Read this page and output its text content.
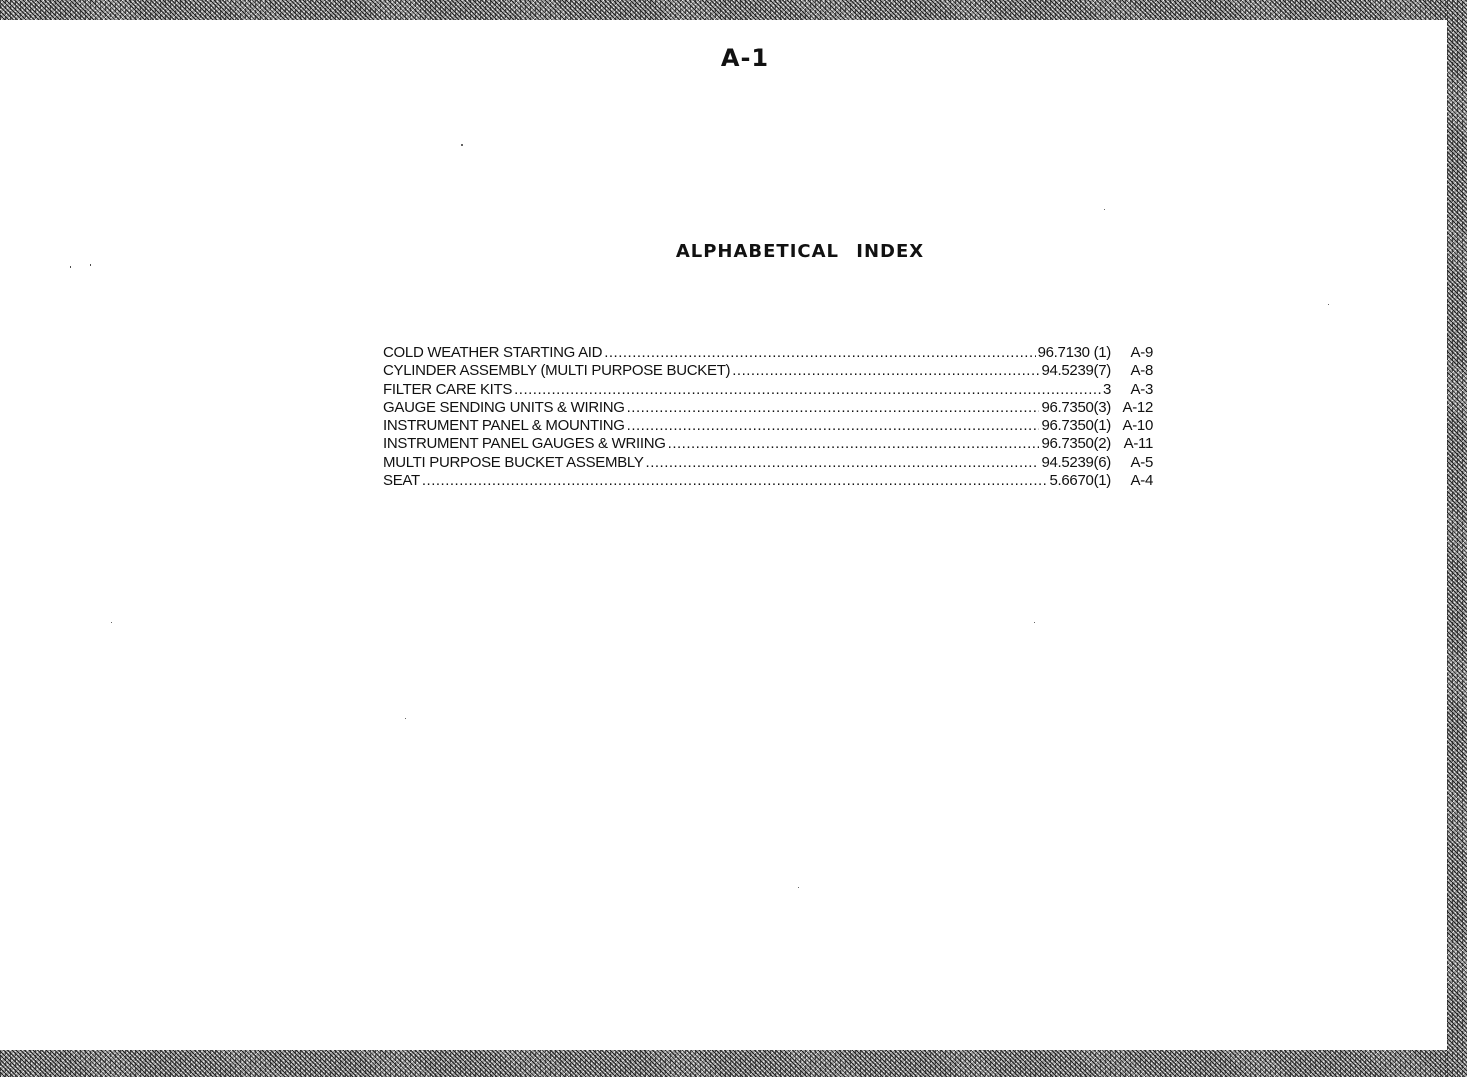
A-1
ALPHABETICAL INDEX
COLD WEATHER STARTING AID .....	96.7130 (1)	A-9
CYLINDER ASSEMBLY (MULTI PURPOSE BUCKET) .....	94.5239(7)	A-8
FILTER CARE KITS .....	3	A-3
GAUGE SENDING UNITS & WIRING .....	96.7350(3) A-12
INSTRUMENT PANEL & MOUNTING .....	96.7350(1) A-10
INSTRUMENT PANEL GAUGES & WRIING .....	96.7350(2) A-11
MULTI PURPOSE BUCKET ASSEMBLY .....	94.5239(6)	A-5
SEAT .....	5.6670(1)	A-4
